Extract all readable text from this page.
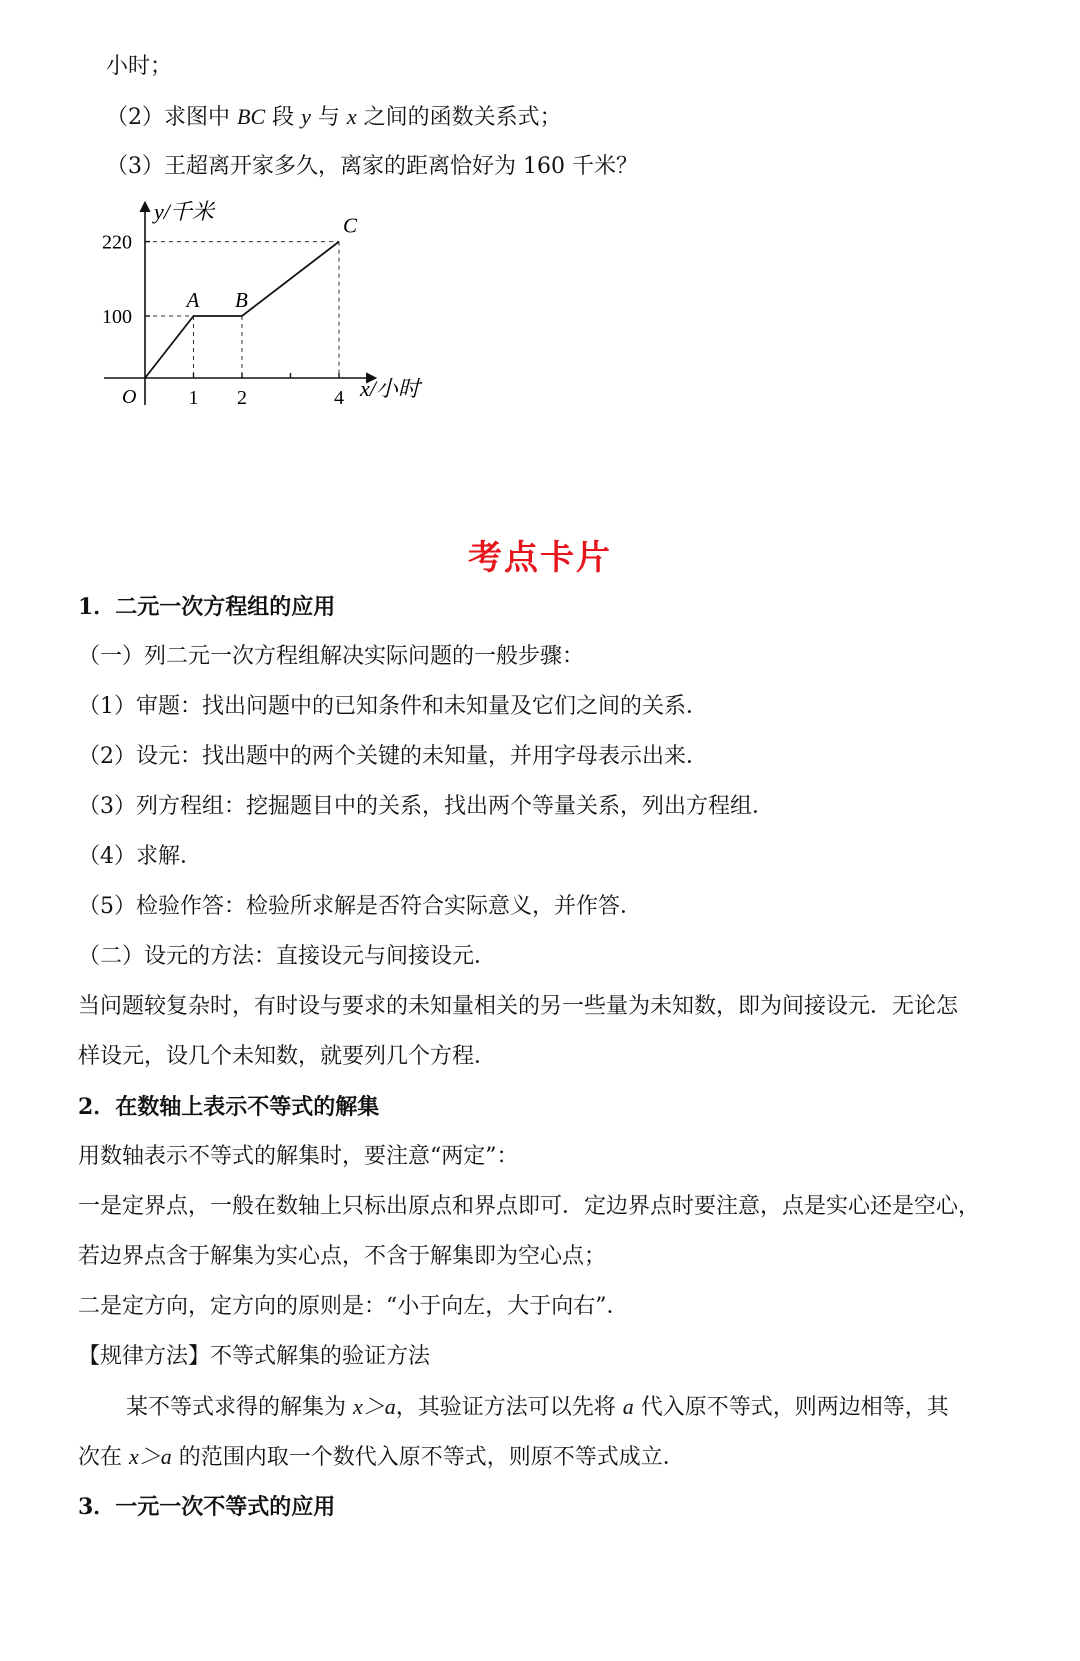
小时；
（2）求图中 BC 段 y 与 x 之间的函数关系式；
（3）王超离开家多久，离家的距离恰好为 160 千米？
1 2	4
100
220
A B
C
y/千米
x/小时
O
考点卡片
1．二元一次方程组的应用
（一）列二元一次方程组解决实际问题的一般步骤：
（1）审题：找出问题中的已知条件和未知量及它们之间的关系．
（2）设元：找出题中的两个关键的未知量，并用字母表示出来．
（3）列方程组：挖掘题目中的关系，找出两个等量关系，列出方程组．
（4）求解．
（5）检验作答：检验所求解是否符合实际意义，并作答．
（二）设元的方法：直接设元与间接设元．
当问题较复杂时，有时设与要求的未知量相关的另一些量为未知数，即为间接设元．无论怎
样设元，设几个未知数，就要列几个方程．
2．在数轴上表示不等式的解集
用数轴表示不等式的解集时，要注意“两定”：
一是定界点，一般在数轴上只标出原点和界点即可．定边界点时要注意，点是实心还是空心，
若边界点含于解集为实心点，不含于解集即为空心点；
二是定方向，定方向的原则是：“小于向左，大于向右”．
【规律方法】不等式解集的验证方法
某不等式求得的解集为 x＞a，其验证方法可以先将 a 代入原不等式，则两边相等，其
次在 x＞a 的范围内取一个数代入原不等式，则原不等式成立．
3．一元一次不等式的应用
